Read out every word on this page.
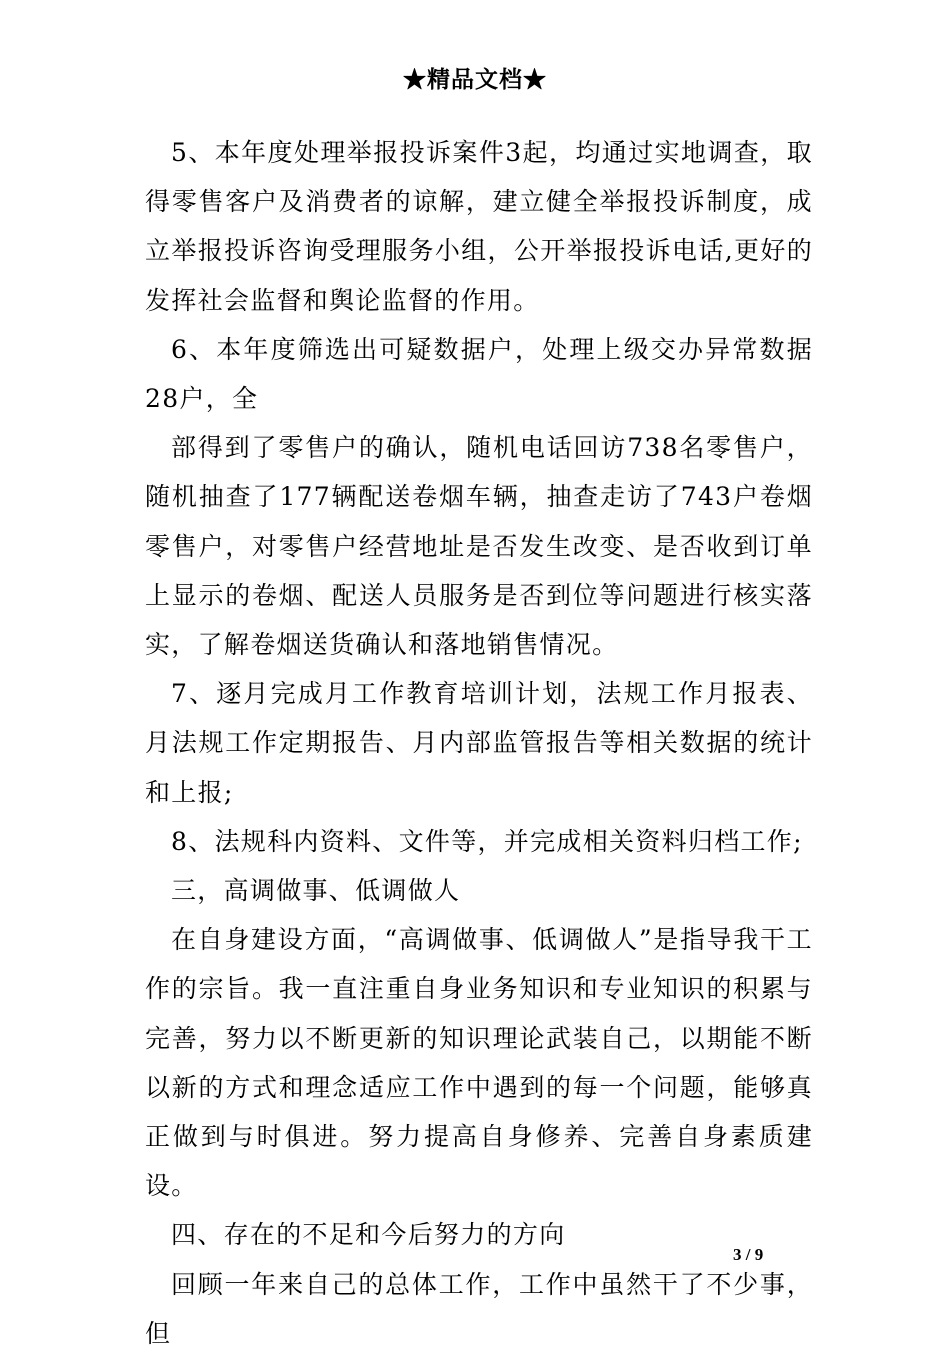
★精品文档★

5、本年度处理举报投诉案件3起，均通过实地调查，取得零售客户及消费者的谅解，建立健全举报投诉制度，成立举报投诉咨询受理服务小组，公开举报投诉电话,更好的发挥社会监督和舆论监督的作用。

6、本年度筛选出可疑数据户，处理上级交办异常数据28户，全

部得到了零售户的确认，随机电话回访738名零售户，随机抽查了177辆配送卷烟车辆，抽查走访了743户卷烟零售户，对零售户经营地址是否发生改变、是否收到订单上显示的卷烟、配送人员服务是否到位等问题进行核实落实，了解卷烟送货确认和落地销售情况。

7、逐月完成月工作教育培训计划，法规工作月报表、月法规工作定期报告、月内部监管报告等相关数据的统计和上报;

8、法规科内资料、文件等，并完成相关资料归档工作;

三，高调做事、低调做人

在自身建设方面，“高调做事、低调做人”是指导我干工作的宗旨。我一直注重自身业务知识和专业知识的积累与完善，努力以不断更新的知识理论武装自己，以期能不断以新的方式和理念适应工作中遇到的每一个问题，能够真正做到与时俱进。努力提高自身修养、完善自身素质建设。

四、存在的不足和今后努力的方向

回顾一年来自己的总体工作，工作中虽然干了不少事，但

3 / 9
